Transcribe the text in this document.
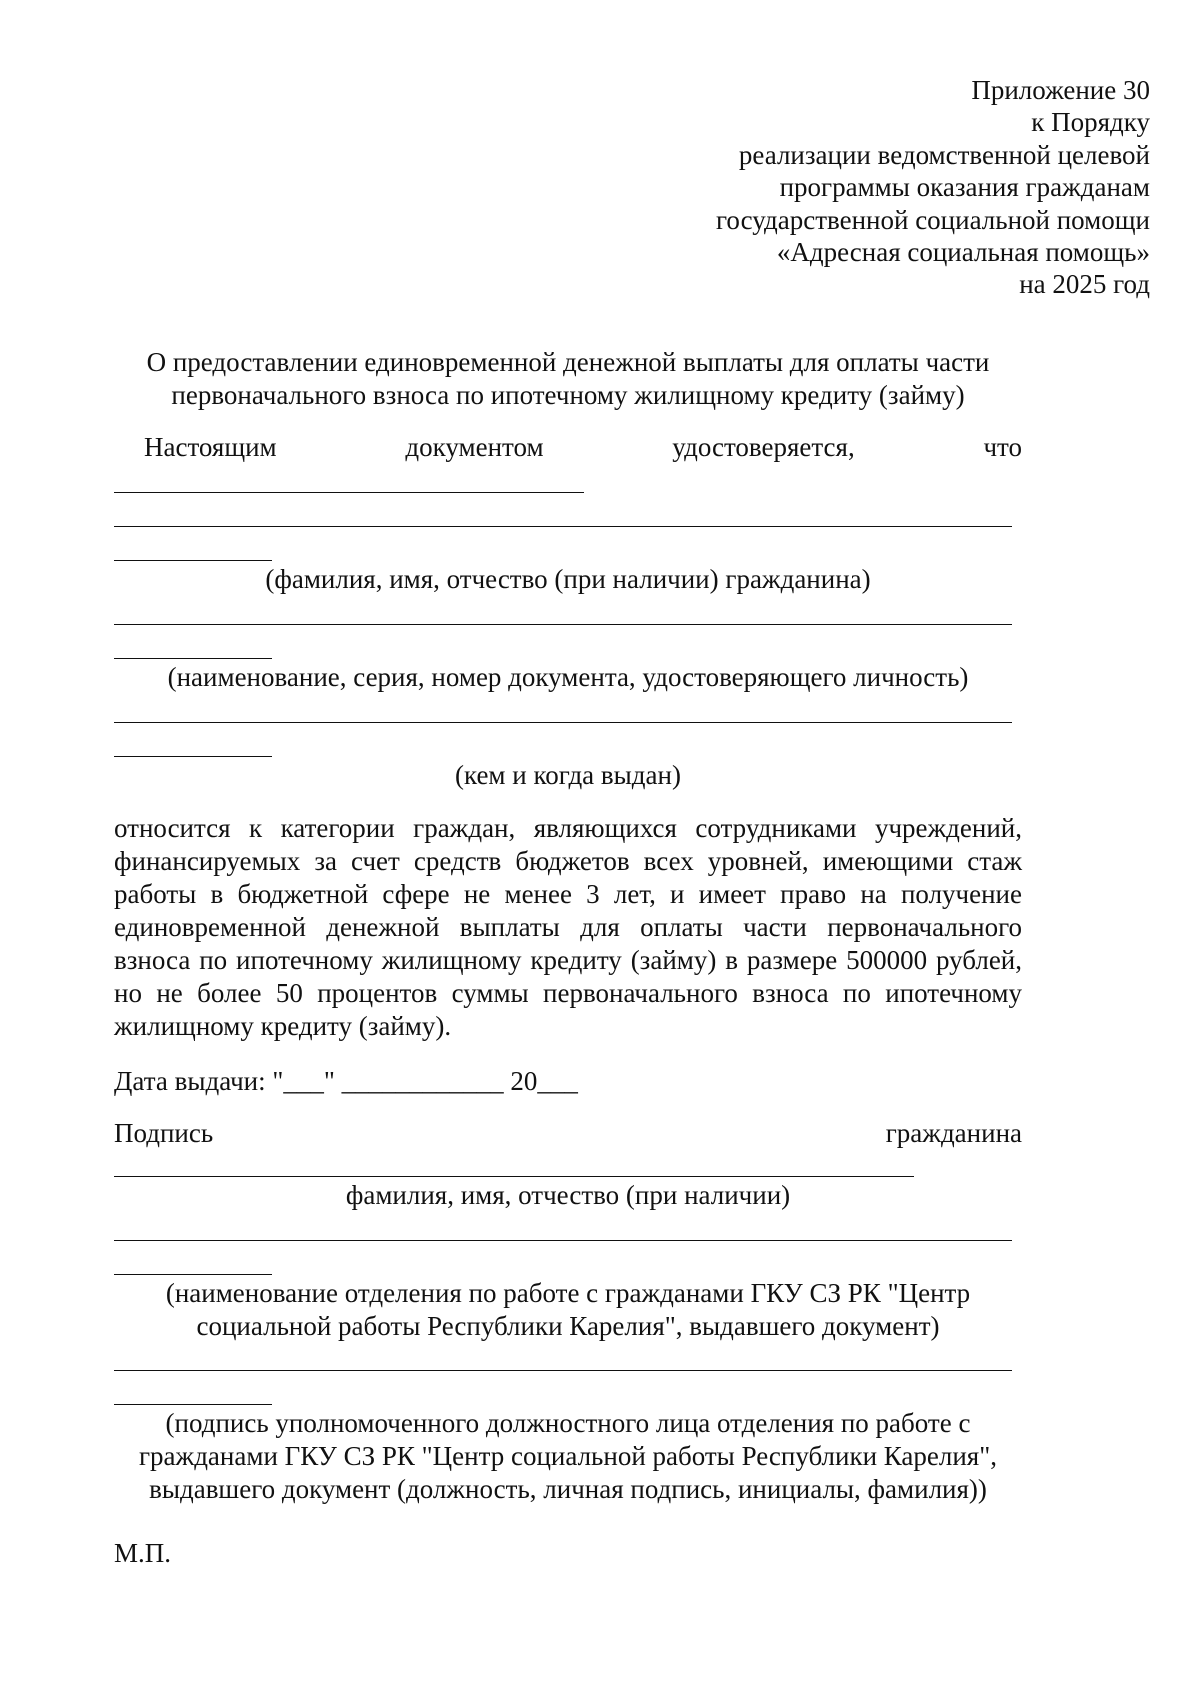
Приложение 30
к Порядку
реализации ведомственной целевой
программы оказания гражданам
государственной социальной помощи
«Адресная социальная помощь»
на 2025 год
О предоставлении единовременной денежной выплаты для оплаты части
первоначального взноса по ипотечному жилищному кредиту (займу)
Настоящим	документом	удостоверяется,	что
(фамилия, имя, отчество (при наличии) гражданина)
(наименование, серия, номер документа, удостоверяющего личность)
(кем и когда выдан)
относится к категории граждан, являющихся сотрудниками учреждений, финансируемых за счет средств бюджетов всех уровней, имеющими стаж работы в бюджетной сфере не менее 3 лет, и имеет право на получение единовременной денежной выплаты для оплаты части первоначального взноса по ипотечному жилищному кредиту (займу) в размере 500000 рублей, но не более 50 процентов суммы первоначального взноса по ипотечному жилищному кредиту (займу).
Дата выдачи: "___" ____________ 20___
Подпись	гражданина
фамилия, имя, отчество (при наличии)
(наименование отделения по работе с гражданами ГКУ СЗ РК "Центр
социальной работы Республики Карелия", выдавшего документ)
(подпись уполномоченного должностного лица отделения по работе с
гражданами ГКУ СЗ РК "Центр социальной работы Республики Карелия",
выдавшего документ (должность, личная подпись, инициалы, фамилия))
М.П.
